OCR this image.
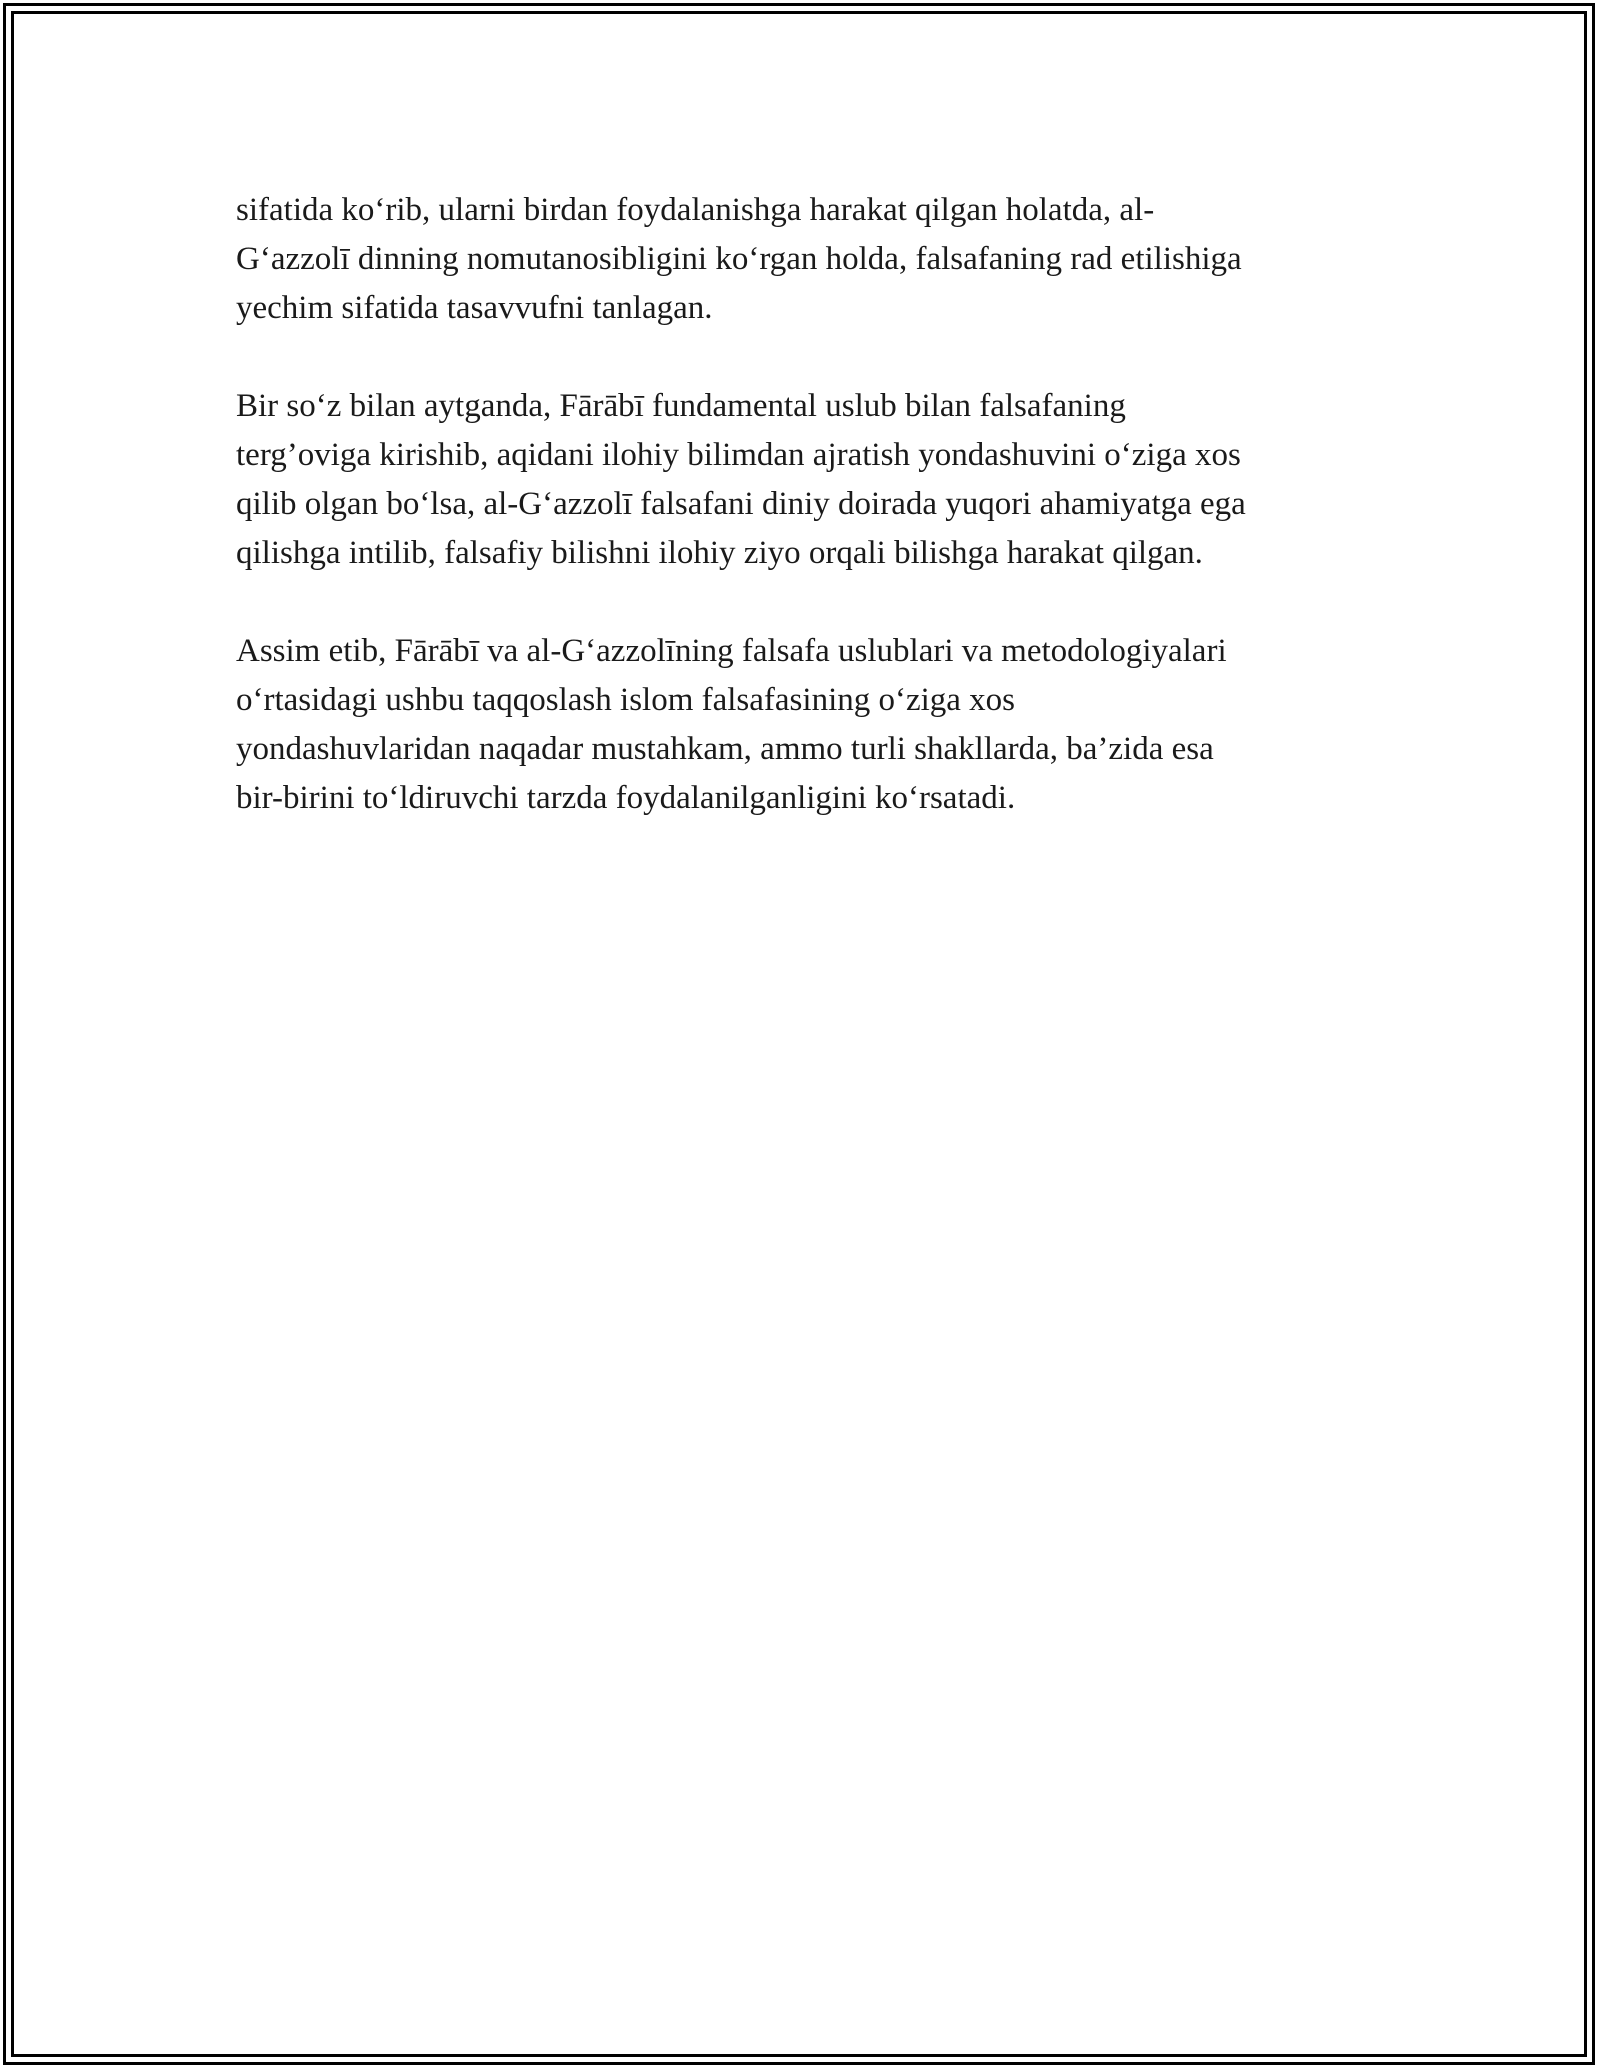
sifatida ko‘rib, ularni birdan foydalanishga harakat qilgan holatda, al-
G‘azzolī dinning nomutanosibligini ko‘rgan holda, falsafaning rad etilishiga
yechim sifatida tasavvufni tanlagan.

Bir so‘z bilan aytganda, Fārābī fundamental uslub bilan falsafaning
terg’oviga kirishib, aqidani ilohiy bilimdan ajratish yondashuvini o‘ziga xos
qilib olgan bo‘lsa, al-G‘azzolī falsafani diniy doirada yuqori ahamiyatga ega
qilishga intilib, falsafiy bilishni ilohiy ziyo orqali bilishga harakat qilgan.

Assim etib, Fārābī va al-G‘azzolīning falsafa uslublari va metodologiyalari
o‘rtasidagi ushbu taqqoslash islom falsafasining o‘ziga xos
yondashuvlaridan naqadar mustahkam, ammo turli shakllarda, ba’zida esa
bir-birini to‘ldiruvchi tarzda foydalanilganligini ko‘rsatadi.
